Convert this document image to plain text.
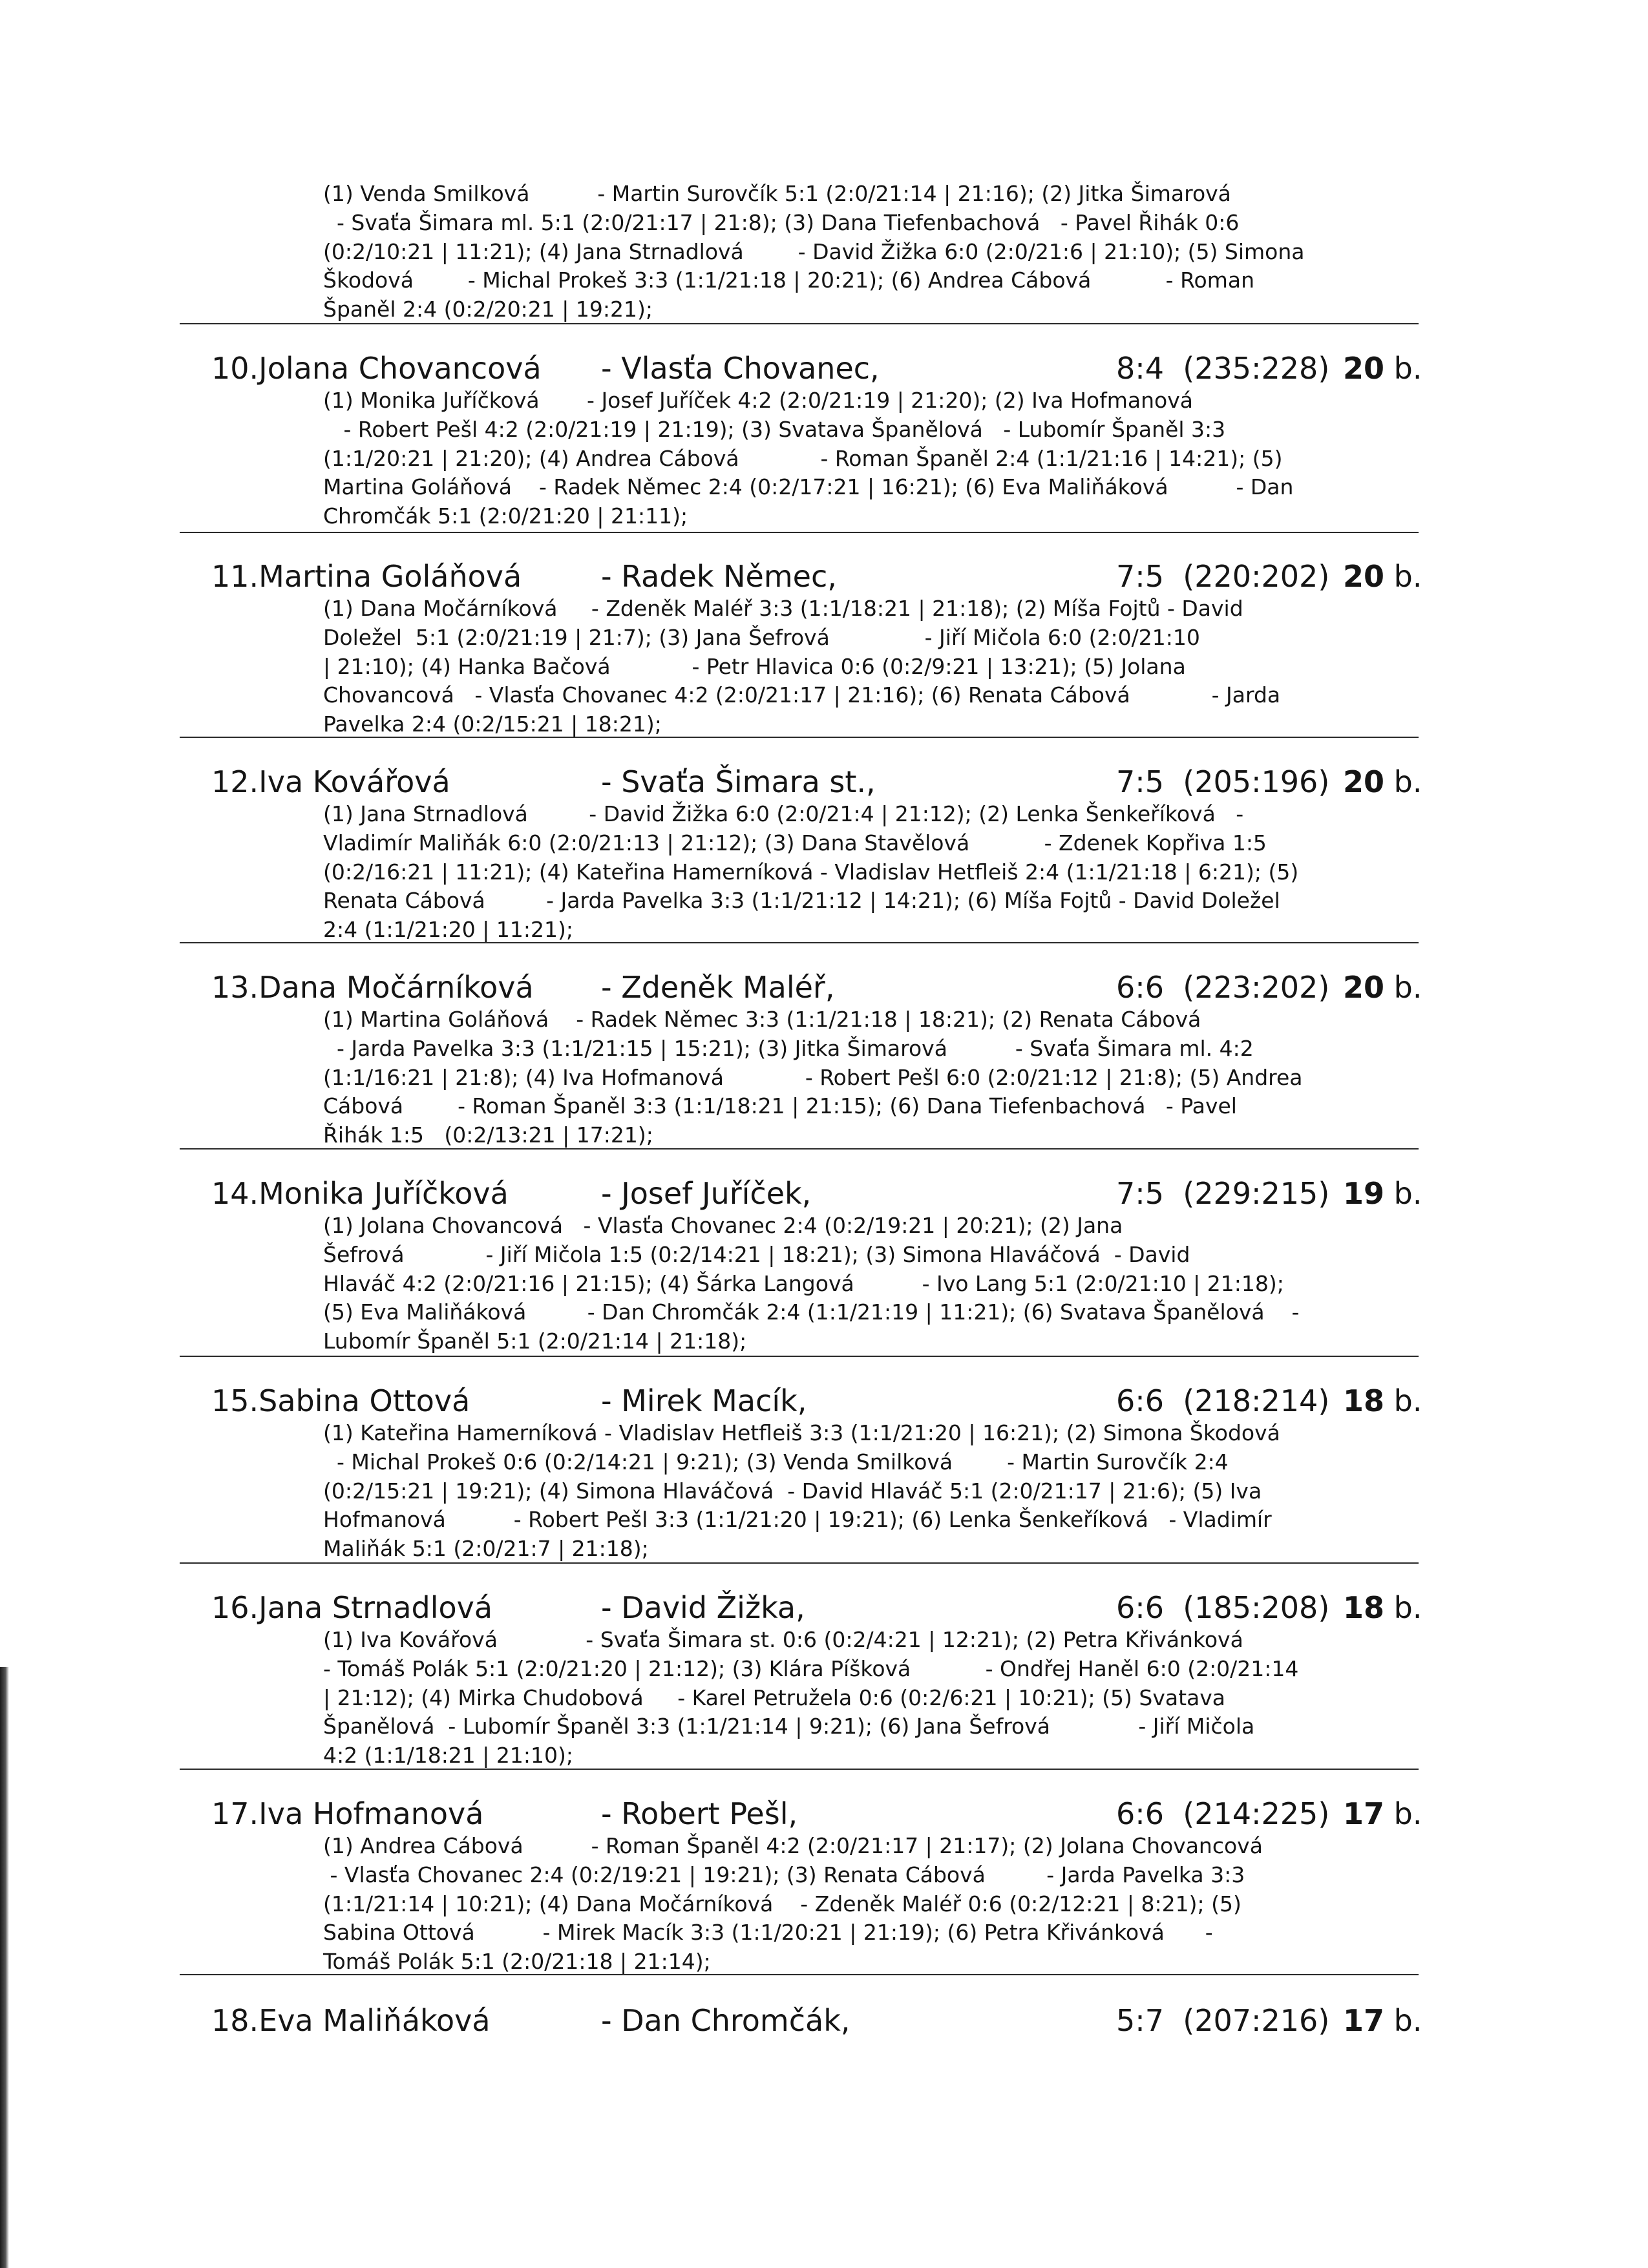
(1) Venda Smilková          - Martin Surovčík 5:1 (2:0/21:14 | 21:16); (2) Jitka Šimarová
- Svaťa Šimara ml. 5:1 (2:0/21:17 | 21:8); (3) Dana Tiefenbachová   - Pavel Řihák 0:6
(0:2/10:21 | 11:21); (4) Jana Strnadlová        - David Žižka 6:0 (2:0/21:6 | 21:10); (5) Simona
Škodová        - Michal Prokeš 3:3 (1:1/21:18 | 20:21); (6) Andrea Cábová           - Roman
Španěl 2:4 (0:2/20:21 | 19:21);
10.Jolana Chovancová - Vlasťa Chovanec,	8:4  (235:228) 20 b.
(1) Monika Juříčková       - Josef Juříček 4:2 (2:0/21:19 | 21:20); (2) Iva Hofmanová
- Robert Pešl 4:2 (2:0/21:19 | 21:19); (3) Svatava Španělová   - Lubomír Španěl 3:3
(1:1/20:21 | 21:20); (4) Andrea Cábová            - Roman Španěl 2:4 (1:1/21:16 | 14:21); (5)
Martina Goláňová    - Radek Němec 2:4 (0:2/17:21 | 16:21); (6) Eva Maliňáková          - Dan
Chromčák 5:1 (2:0/21:20 | 21:11);
11.Martina Goláňová	- Radek Němec,	7:5  (220:202) 20 b.
(1) Dana Močárníková     - Zdeněk Maléř 3:3 (1:1/18:21 | 21:18); (2) Míša Fojtů - David
Doležel  5:1 (2:0/21:19 | 21:7); (3) Jana Šefrová              - Jiří Mičola 6:0 (2:0/21:10
| 21:10); (4) Hanka Bačová            - Petr Hlavica 0:6 (0:2/9:21 | 13:21); (5) Jolana
Chovancová   - Vlasťa Chovanec 4:2 (2:0/21:17 | 21:16); (6) Renata Cábová            - Jarda
Pavelka 2:4 (0:2/15:21 | 18:21);
12.Iva Kovářová	- Svaťa Šimara st.,	7:5  (205:196) 20 b.
(1) Jana Strnadlová         - David Žižka 6:0 (2:0/21:4 | 21:12); (2) Lenka Šenkeříková   -
Vladimír Maliňák 6:0 (2:0/21:13 | 21:12); (3) Dana Stavělová           - Zdenek Kopřiva 1:5
(0:2/16:21 | 11:21); (4) Kateřina Hamerníková - Vladislav Hetfleiš 2:4 (1:1/21:18 | 6:21); (5)
Renata Cábová         - Jarda Pavelka 3:3 (1:1/21:12 | 14:21); (6) Míša Fojtů - David Doležel
2:4 (1:1/21:20 | 11:21);
13.Dana Močárníková - Zdeněk Maléř,	6:6  (223:202) 20 b.
(1) Martina Goláňová    - Radek Němec 3:3 (1:1/21:18 | 18:21); (2) Renata Cábová
- Jarda Pavelka 3:3 (1:1/21:15 | 15:21); (3) Jitka Šimarová          - Svaťa Šimara ml. 4:2
(1:1/16:21 | 21:8); (4) Iva Hofmanová            - Robert Pešl 6:0 (2:0/21:12 | 21:8); (5) Andrea
Cábová        - Roman Španěl 3:3 (1:1/18:21 | 21:15); (6) Dana Tiefenbachová   - Pavel
Řihák 1:5   (0:2/13:21 | 17:21);
14.Monika Juříčková	- Josef Juříček,	7:5  (229:215) 19 b.
(1) Jolana Chovancová   - Vlasťa Chovanec 2:4 (0:2/19:21 | 20:21); (2) Jana
Šefrová            - Jiří Mičola 1:5 (0:2/14:21 | 18:21); (3) Simona Hlaváčová  - David
Hlaváč 4:2 (2:0/21:16 | 21:15); (4) Šárka Langová          - Ivo Lang 5:1 (2:0/21:10 | 21:18);
(5) Eva Maliňáková         - Dan Chromčák 2:4 (1:1/21:19 | 11:21); (6) Svatava Španělová    -
Lubomír Španěl 5:1 (2:0/21:14 | 21:18);
15.Sabina Ottová	- Mirek Macík,	6:6  (218:214) 18 b.
(1) Kateřina Hamerníková - Vladislav Hetfleiš 3:3 (1:1/21:20 | 16:21); (2) Simona Škodová
- Michal Prokeš 0:6 (0:2/14:21 | 9:21); (3) Venda Smilková        - Martin Surovčík 2:4
(0:2/15:21 | 19:21); (4) Simona Hlaváčová  - David Hlaváč 5:1 (2:0/21:17 | 21:6); (5) Iva
Hofmanová          - Robert Pešl 3:3 (1:1/21:20 | 19:21); (6) Lenka Šenkeříková   - Vladimír
Maliňák 5:1 (2:0/21:7 | 21:18);
16.Jana Strnadlová	- David Žižka,	6:6  (185:208) 18 b.
(1) Iva Kovářová             - Svaťa Šimara st. 0:6 (0:2/4:21 | 12:21); (2) Petra Křivánková
- Tomáš Polák 5:1 (2:0/21:20 | 21:12); (3) Klára Píšková           - Ondřej Haněl 6:0 (2:0/21:14
| 21:12); (4) Mirka Chudobová     - Karel Petružela 0:6 (0:2/6:21 | 10:21); (5) Svatava
Španělová  - Lubomír Španěl 3:3 (1:1/21:14 | 9:21); (6) Jana Šefrová             - Jiří Mičola
4:2 (1:1/18:21 | 21:10);
17.Iva Hofmanová	- Robert Pešl,	6:6  (214:225) 17 b.
(1) Andrea Cábová          - Roman Španěl 4:2 (2:0/21:17 | 21:17); (2) Jolana Chovancová
- Vlasťa Chovanec 2:4 (0:2/19:21 | 19:21); (3) Renata Cábová         - Jarda Pavelka 3:3
(1:1/21:14 | 10:21); (4) Dana Močárníková    - Zdeněk Maléř 0:6 (0:2/12:21 | 8:21); (5)
Sabina Ottová          - Mirek Macík 3:3 (1:1/20:21 | 21:19); (6) Petra Křivánková      -
Tomáš Polák 5:1 (2:0/21:18 | 21:14);
18.Eva Maliňáková	- Dan Chromčák,	5:7  (207:216) 17 b.
